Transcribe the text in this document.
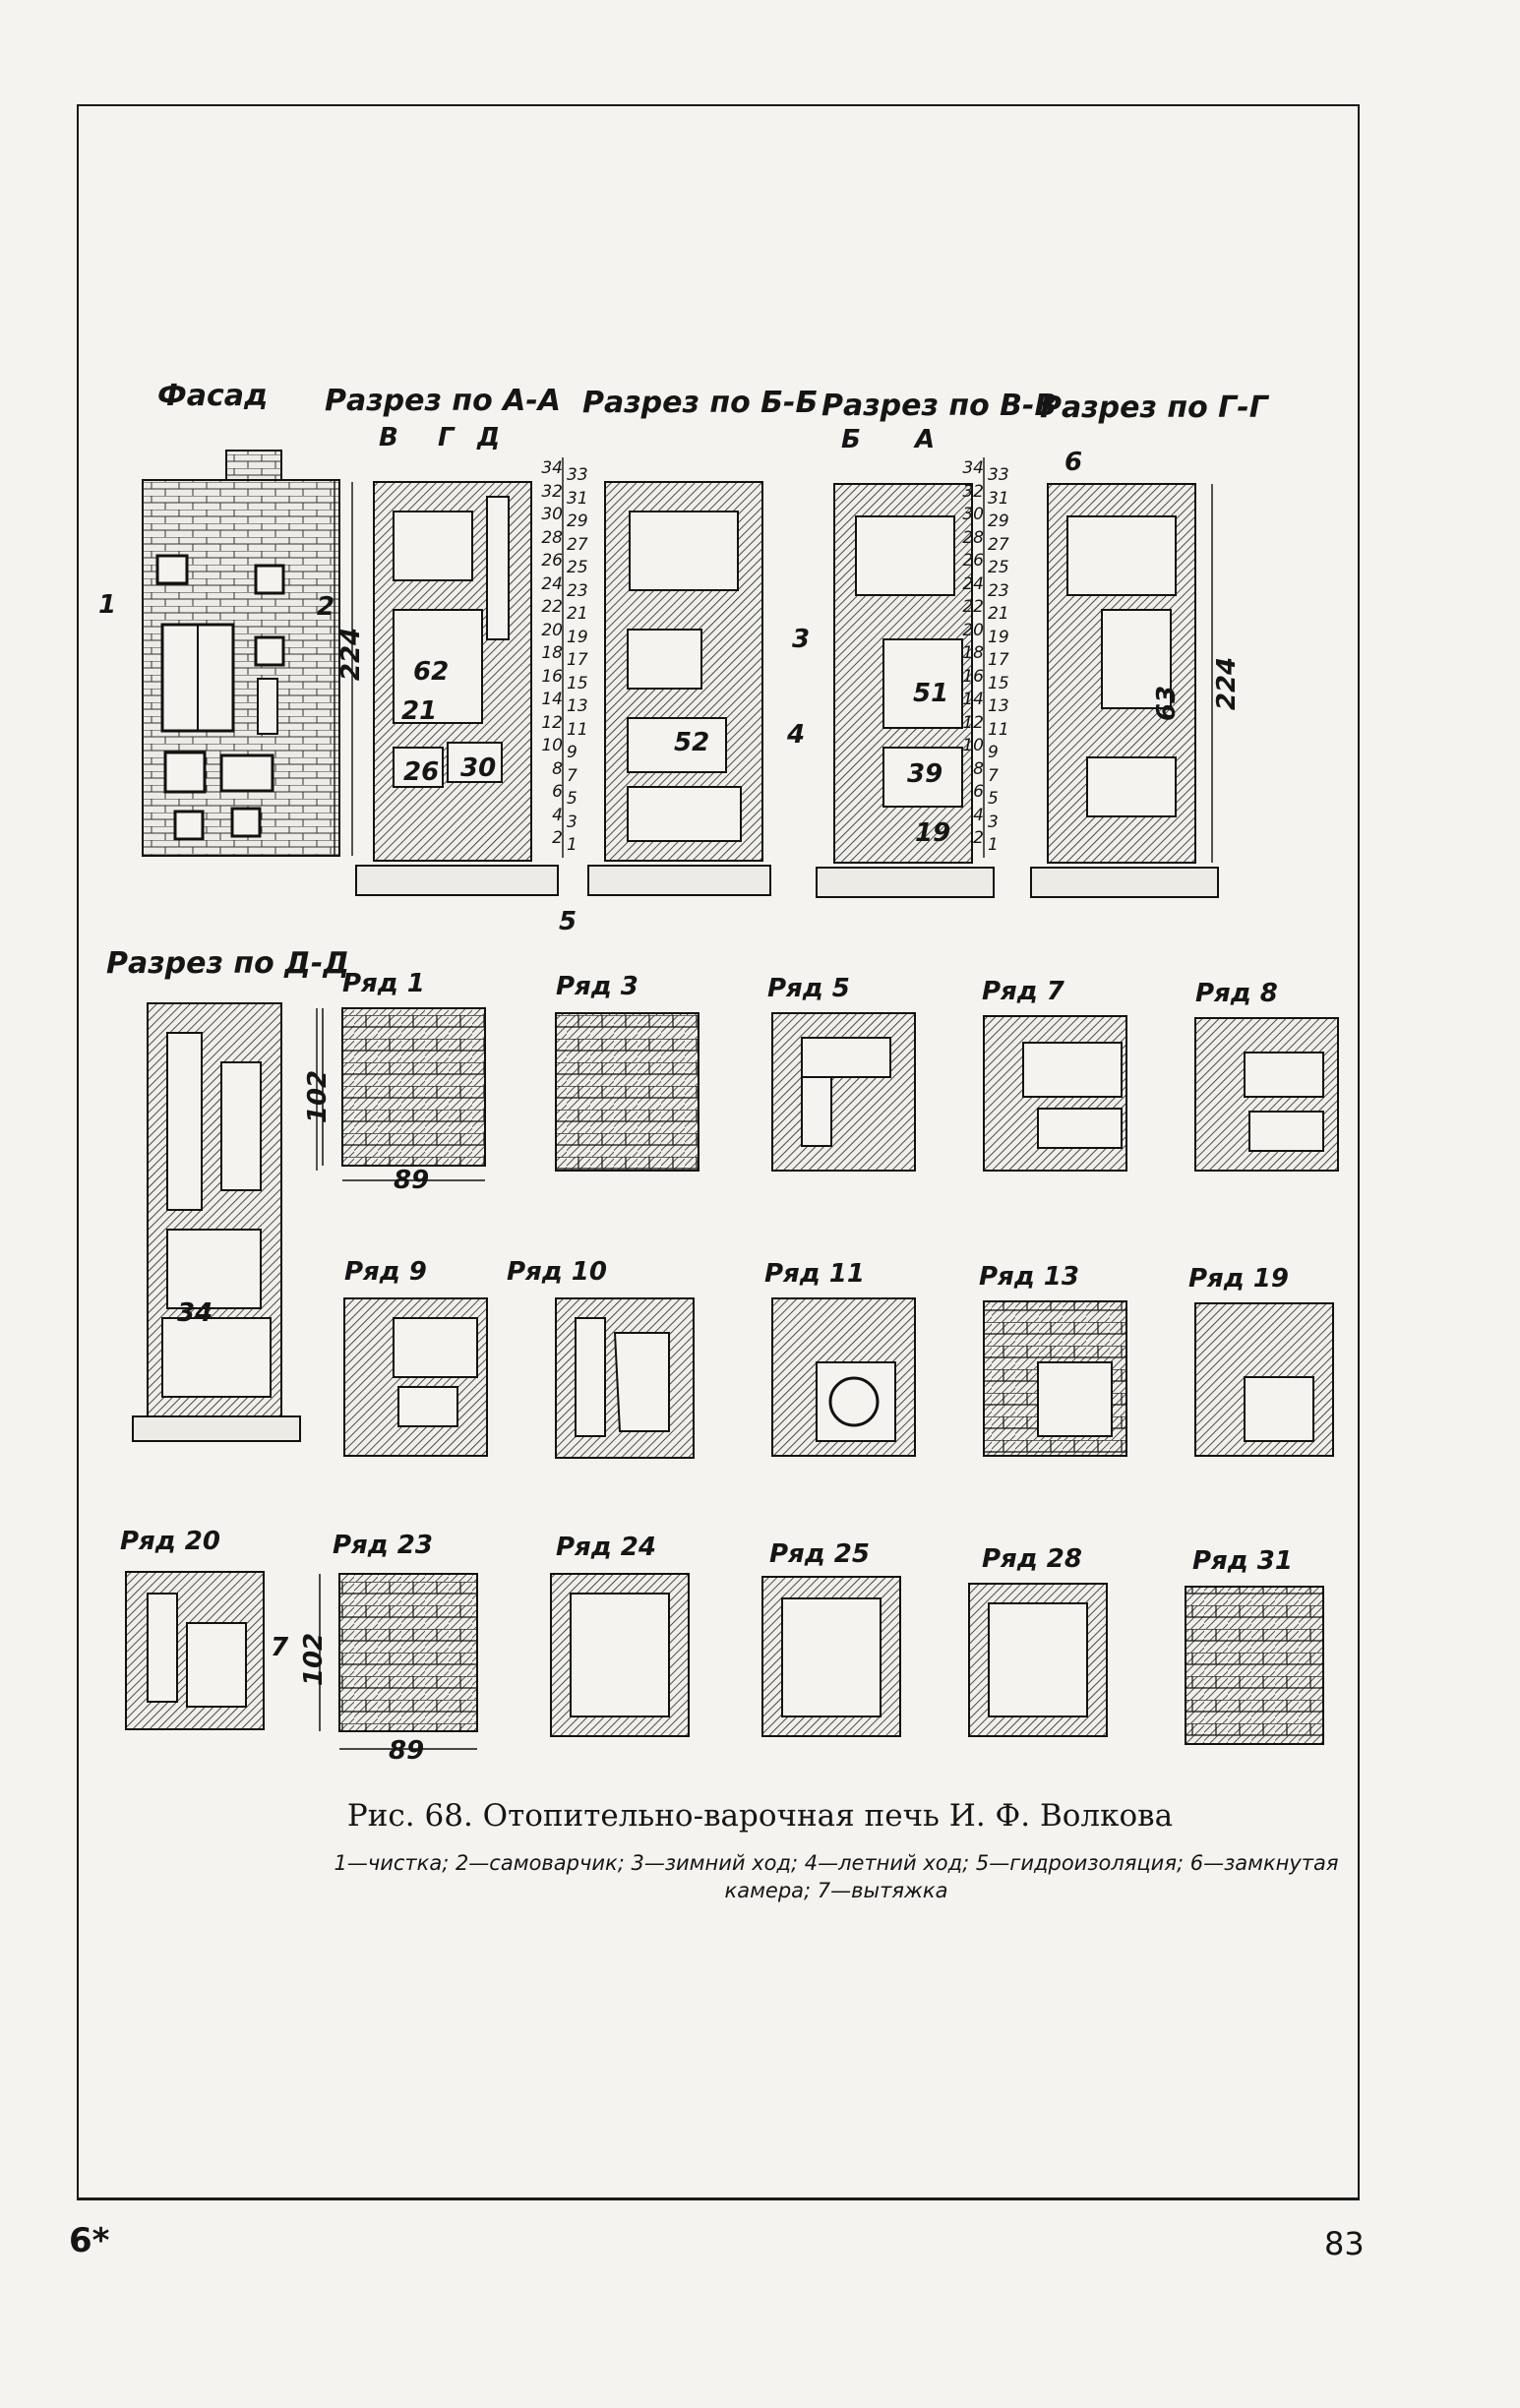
Фасад Разрез по А-А Разрез по Б-Б Разрез по В-В
Разрез по Г-Г
Разрез по Д-Д
Ряд 1	Ряд 3	Ряд 5	Ряд 7	Ряд 8
Ряд 9	Ряд 10	Ряд 11	Ряд 13	Ряд 19
Ряд 20	Ряд 23	Ряд 24	Ряд 25	Ряд 28	Ряд 31
224
224
89
102
89
102
62
21
26 30
52
51
39
19
63
34
В Г Д	Б А
1	2
3
4
5
6
7
34
32
30
28
26
24
22
20
18
16
14
12
10
8
6
4
2
33
31
29
27
25
23
21
19
17
15
13
11
9
7
5
3
1
34
32
30
28
26
24
22
20
18
16
14
12
10
8
6
4
2
33
31
29
27
25
23
21
19
17
15
13
11
9
7
5
3
1
Рис. 68. Отопительно-варочная печь И. Ф. Волкова
1—чистка; 2—самоварчик; 3—зимний ход; 4—летний ход; 5—гидроизоляция; 6—замкнутая камера; 7—вытяжка
6*	83
